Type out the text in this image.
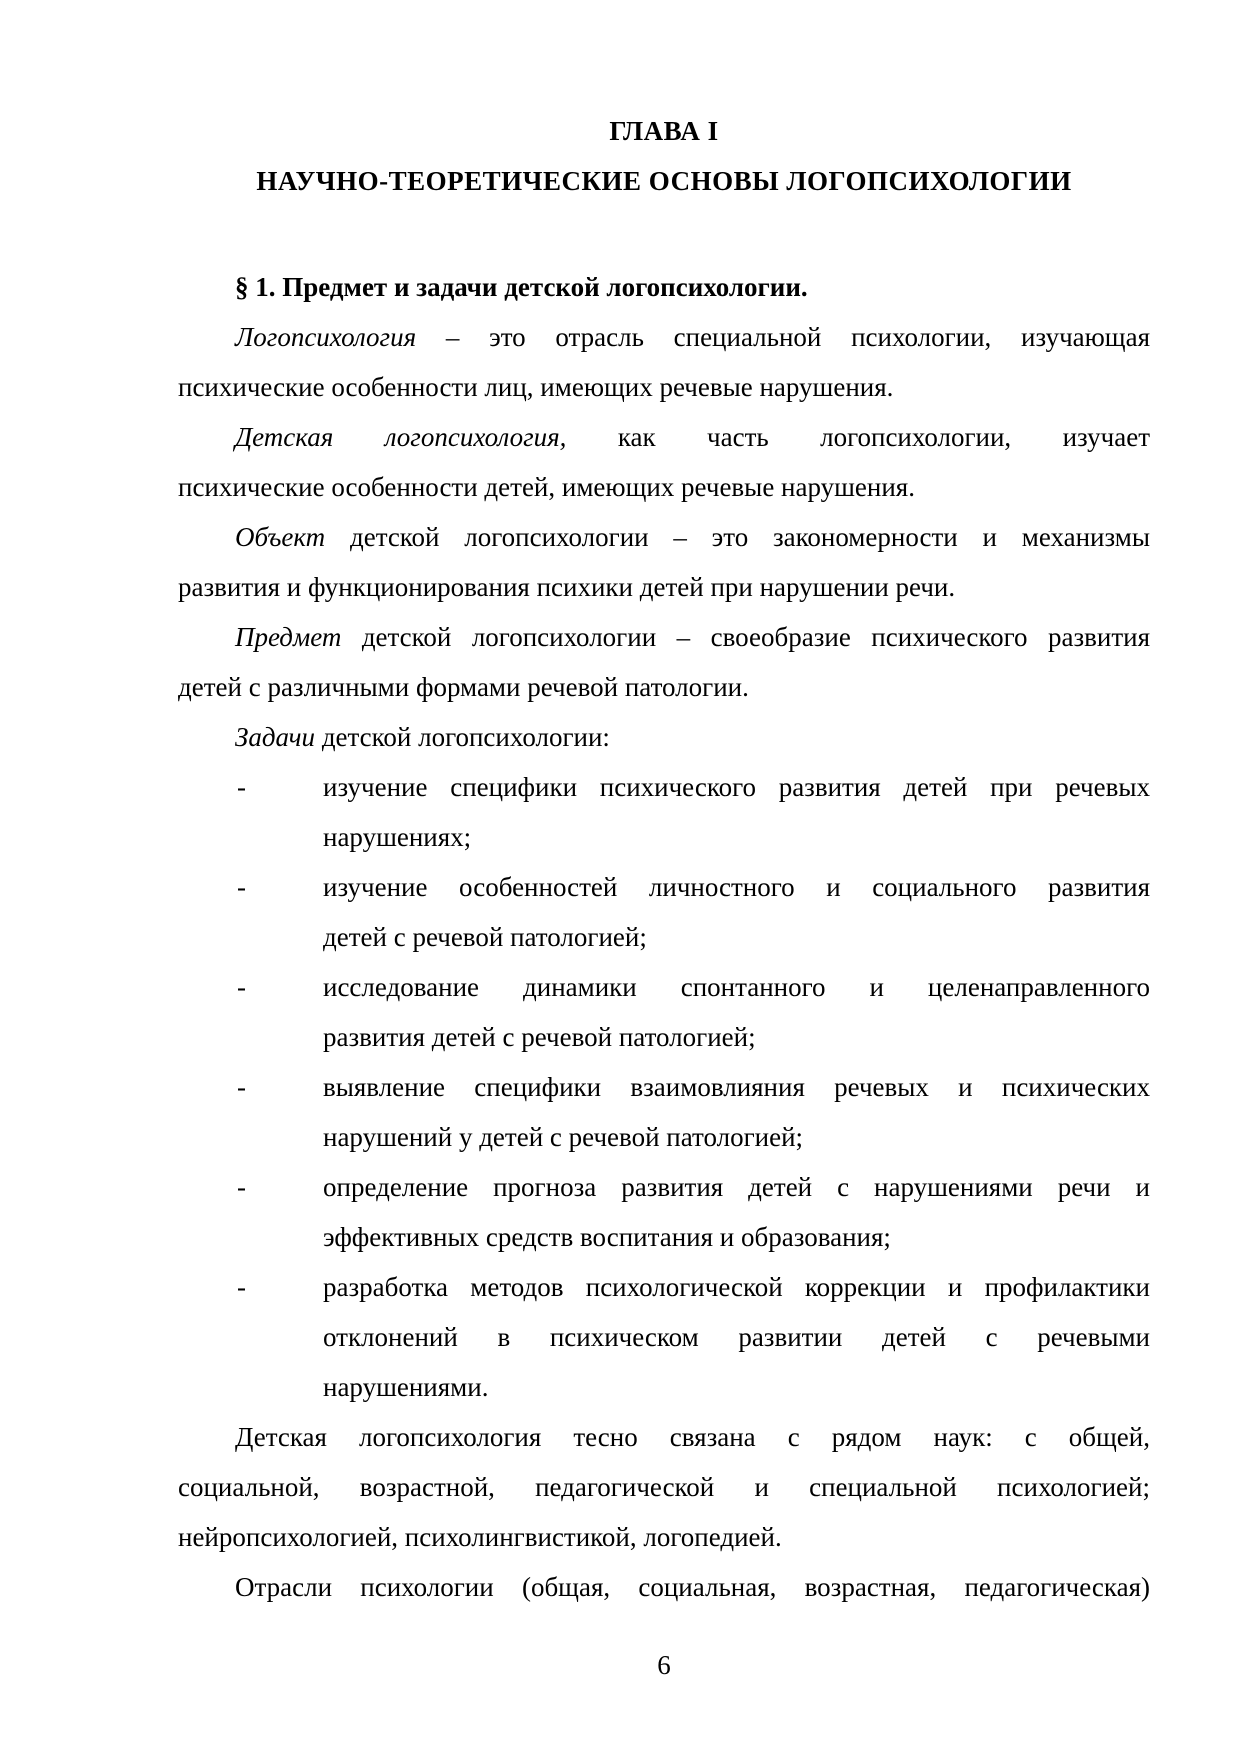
ГЛАВА I
НАУЧНО-ТЕОРЕТИЧЕСКИЕ ОСНОВЫ ЛОГОПСИХОЛОГИИ
§ 1. Предмет и задачи детской логопсихологии.
Логопсихология – это отрасль специальной психологии, изучающая
психические особенности лиц, имеющих речевые нарушения.
Детская логопсихология, как часть логопсихологии, изучает
психические особенности детей, имеющих речевые нарушения.
Объект детской логопсихологии – это закономерности и механизмы
развития и функционирования психики детей при нарушении речи.
Предмет детской логопсихологии – своеобразие психического развития
детей с различными формами речевой патологии.
Задачи детской логопсихологии:
-	изучение специфики психического развития детей при речевых
нарушениях;
-	изучение особенностей личностного и социального развития
детей с речевой патологией;
-	исследование динамики спонтанного и целенаправленного
развития детей с речевой патологией;
-	выявление специфики взаимовлияния речевых и психических
нарушений у детей с речевой патологией;
-	определение прогноза развития детей с нарушениями речи и
эффективных средств воспитания и образования;
-	разработка методов психологической коррекции и профилактики
отклонений в психическом развитии детей с речевыми
нарушениями.
Детская логопсихология тесно связана с рядом наук: с общей,
социальной, возрастной, педагогической и специальной психологией;
нейропсихологией, психолингвистикой, логопедией.
Отрасли психологии (общая, социальная, возрастная, педагогическая)
6
